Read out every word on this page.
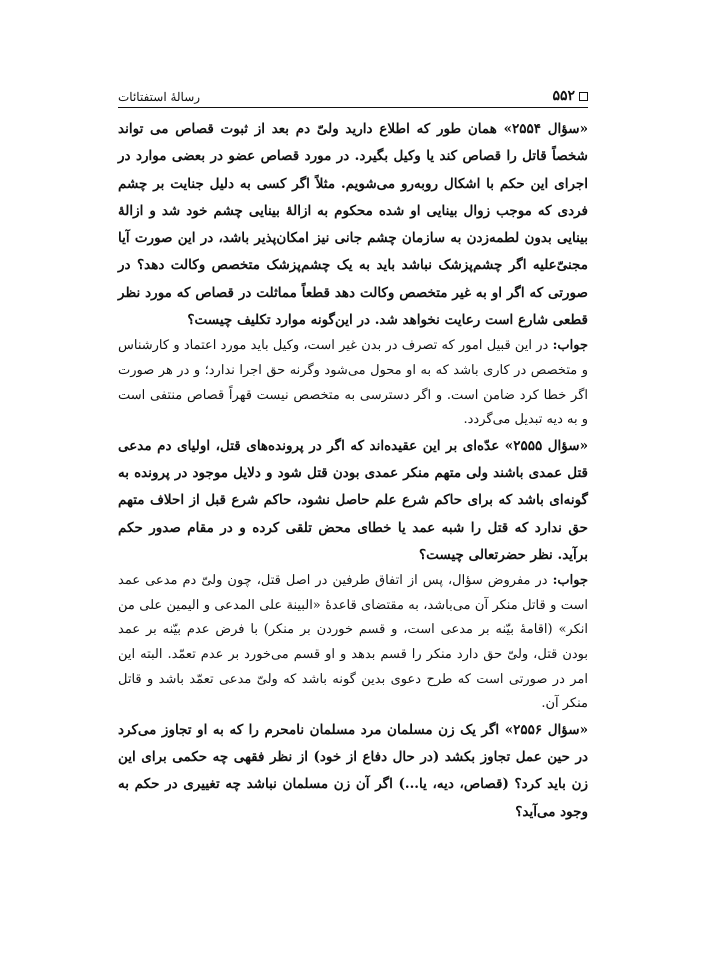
۵۵۲
رسالهٔ استفتائات

«سؤال ۲۵۵۴» همان طور که اطلاع دارید ولیّ دم بعد از ثبوت قصاص می تواند شخصاً قاتل را قصاص کند یا وکیل بگیرد. در مورد قصاص عضو در بعضی موارد در اجرای این حکم با اشکال روبه‌رو می‌شویم. مثلاً اگر کسی به دلیل جنایت بر چشم فردی که موجب زوال بینایی او شده محکوم به ازالهٔ بینایی چشم خود شد و ازالهٔ بینایی بدون لطمه‌زدن به سازمان چشم جانی نیز امکان‌پذیر باشد، در این صورت آیا مجنیّ‌علیه اگر چشم‌پزشک نباشد باید به یک چشم‌پزشک متخصص وکالت دهد؟ در صورتی که اگر او به غیر متخصص وکالت دهد قطعاً مماثلت در قصاص که مورد نظر قطعی شارع است رعایت نخواهد شد. در این‌گونه موارد تکلیف چیست؟

جواب: در این قبیل امور که تصرف در بدن غیر است، وکیل باید مورد اعتماد و کارشناس و متخصص در کاری باشد که به او محول می‌شود وگرنه حق اجرا ندارد؛ و در هر صورت اگر خطا کرد ضامن است. و اگر دسترسی به متخصص نیست قهراً قصاص منتفی است و به دیه تبدیل می‌گردد.

«سؤال ۲۵۵۵» عدّه‌ای بر این عقیده‌اند که اگر در پرونده‌های قتل، اولیای دم مدعی قتل عمدی باشند ولی متهم منکر عمدی بودن قتل شود و دلایل موجود در پرونده به گونه‌ای باشد که برای حاکم شرع علم حاصل نشود، حاکم شرع قبل از احلاف متهم حق ندارد که قتل را شبه عمد یا خطای محض تلقی کرده و در مقام صدور حکم برآید. نظر حضرتعالی چیست؟

جواب: در مفروض سؤال، پس از اتفاق طرفین در اصل قتل، چون ولیّ دم مدعی عمد است و قاتل منکر آن می‌باشد، به مقتضای قاعدهٔ «البینة علی المدعی و الیمین علی من انکر» (اقامهٔ بیّنه بر مدعی است، و قسم خوردن بر منکر) با فرض عدم بیّنه بر عمد بودن قتل، ولیّ حق دارد منکر را قسم بدهد و او قسم می‌خورد بر عدم تعمّد. البته این امر در صورتی است که طرح دعوی بدین گونه باشد که ولیّ مدعی تعمّد باشد و قاتل منکر آن.

«سؤال ۲۵۵۶» اگر یک زن مسلمان مرد مسلمان نامحرم را که به او تجاوز می‌کرد در حین عمل تجاوز بکشد (در حال دفاع از خود) از نظر فقهی چه حکمی برای این زن باید کرد؟ (قصاص، دیه، یا...) اگر آن زن مسلمان نباشد چه تغییری در حکم به وجود می‌آید؟
